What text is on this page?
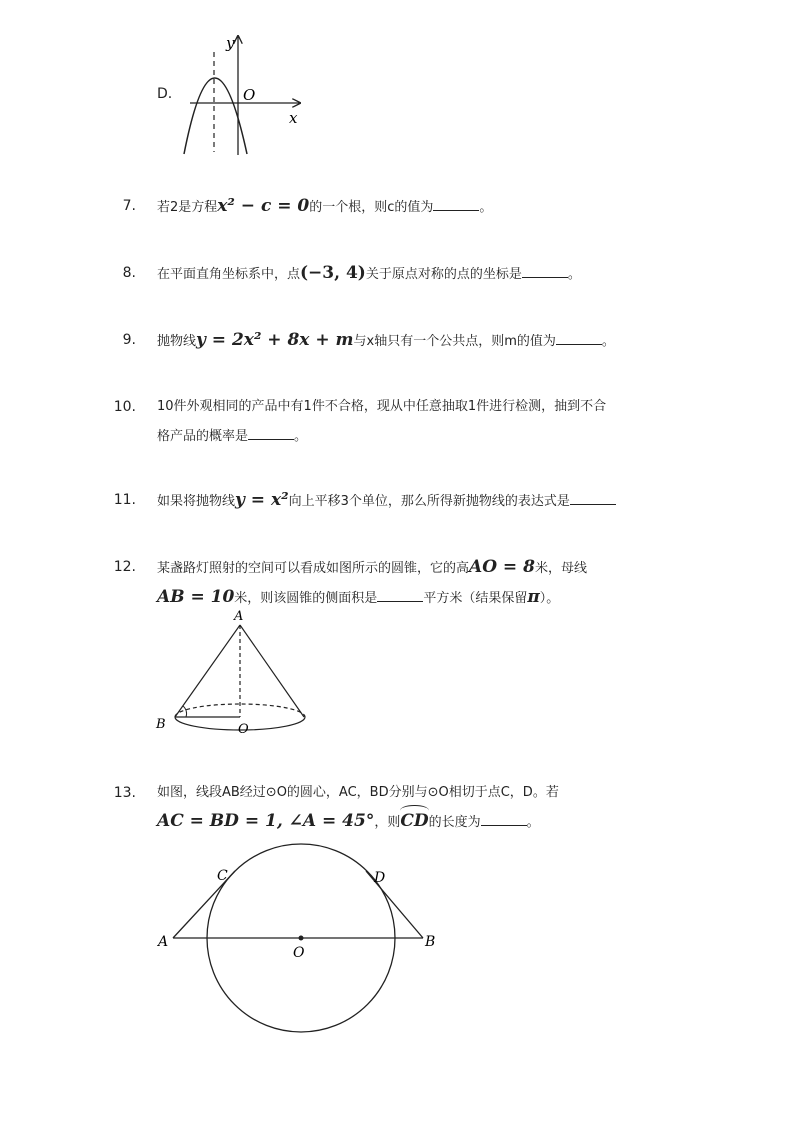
D.
y
x
O
7. 若2是方程x² − c = 0的一个根，则c的值为	。
8. 在平面直角坐标系中，点(−3, 4)关于原点对称的点的坐标是	。
9. 抛物线y = 2x² + 8x + m与x轴只有一个公共点，则m的值为	。
10. 10件外观相同的产品中有1件不合格，现从中任意抽取1件进行检测，抽到不合
格产品的概率是	。
11. 如果将抛物线y = x²向上平移3个单位，那么所得新抛物线的表达式是
12. 某盏路灯照射的空间可以看成如图所示的圆锥，它的高AO = 8米，母线
AB = 10米，则该圆锥的侧面积是	平方米（结果保留π）。
A
B	O
13. 如图，线段AB经过⊙O的圆心，AC，BD分别与⊙O相切于点C，D。若
AC = BD = 1, ∠A = 45°，则CD的长度为	。
A	B
C	D
O
